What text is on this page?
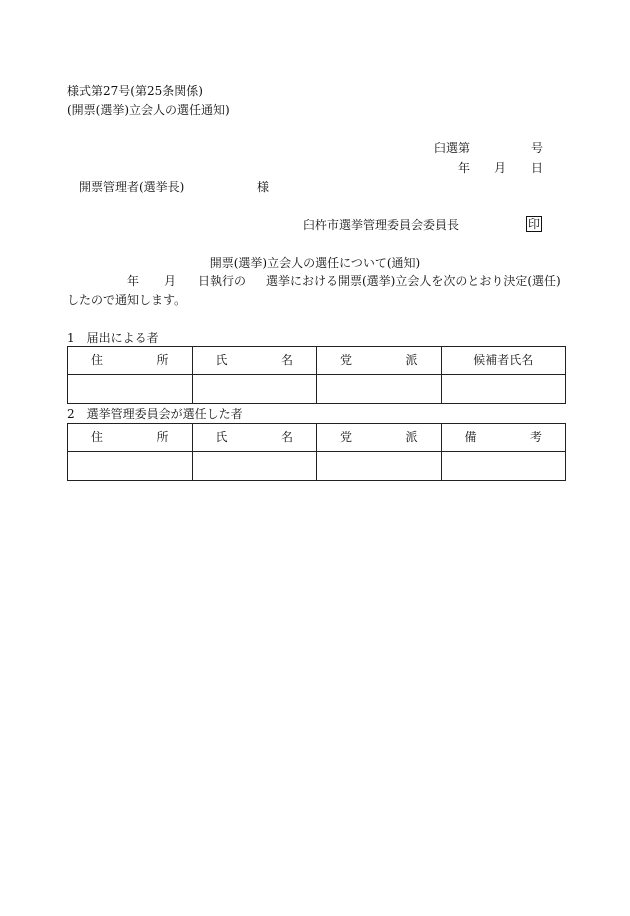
様式第27号(第25条関係)
(開票(選挙)立会人の選任通知)
臼選第	号
年 月 日
開票管理者(選挙長)	様
臼杵市選挙管理委員会委員長	印
開票(選挙)立会人の選任について(通知)
年 月 日執行の 選挙における開票(選挙)立会人を次のとおり決定(選任)
したので通知します。
1　届出による者
住 所	氏 名	党 派	候補者氏名

2　選挙管理委員会が選任した者
住 所	氏 名	党 派	備 考
